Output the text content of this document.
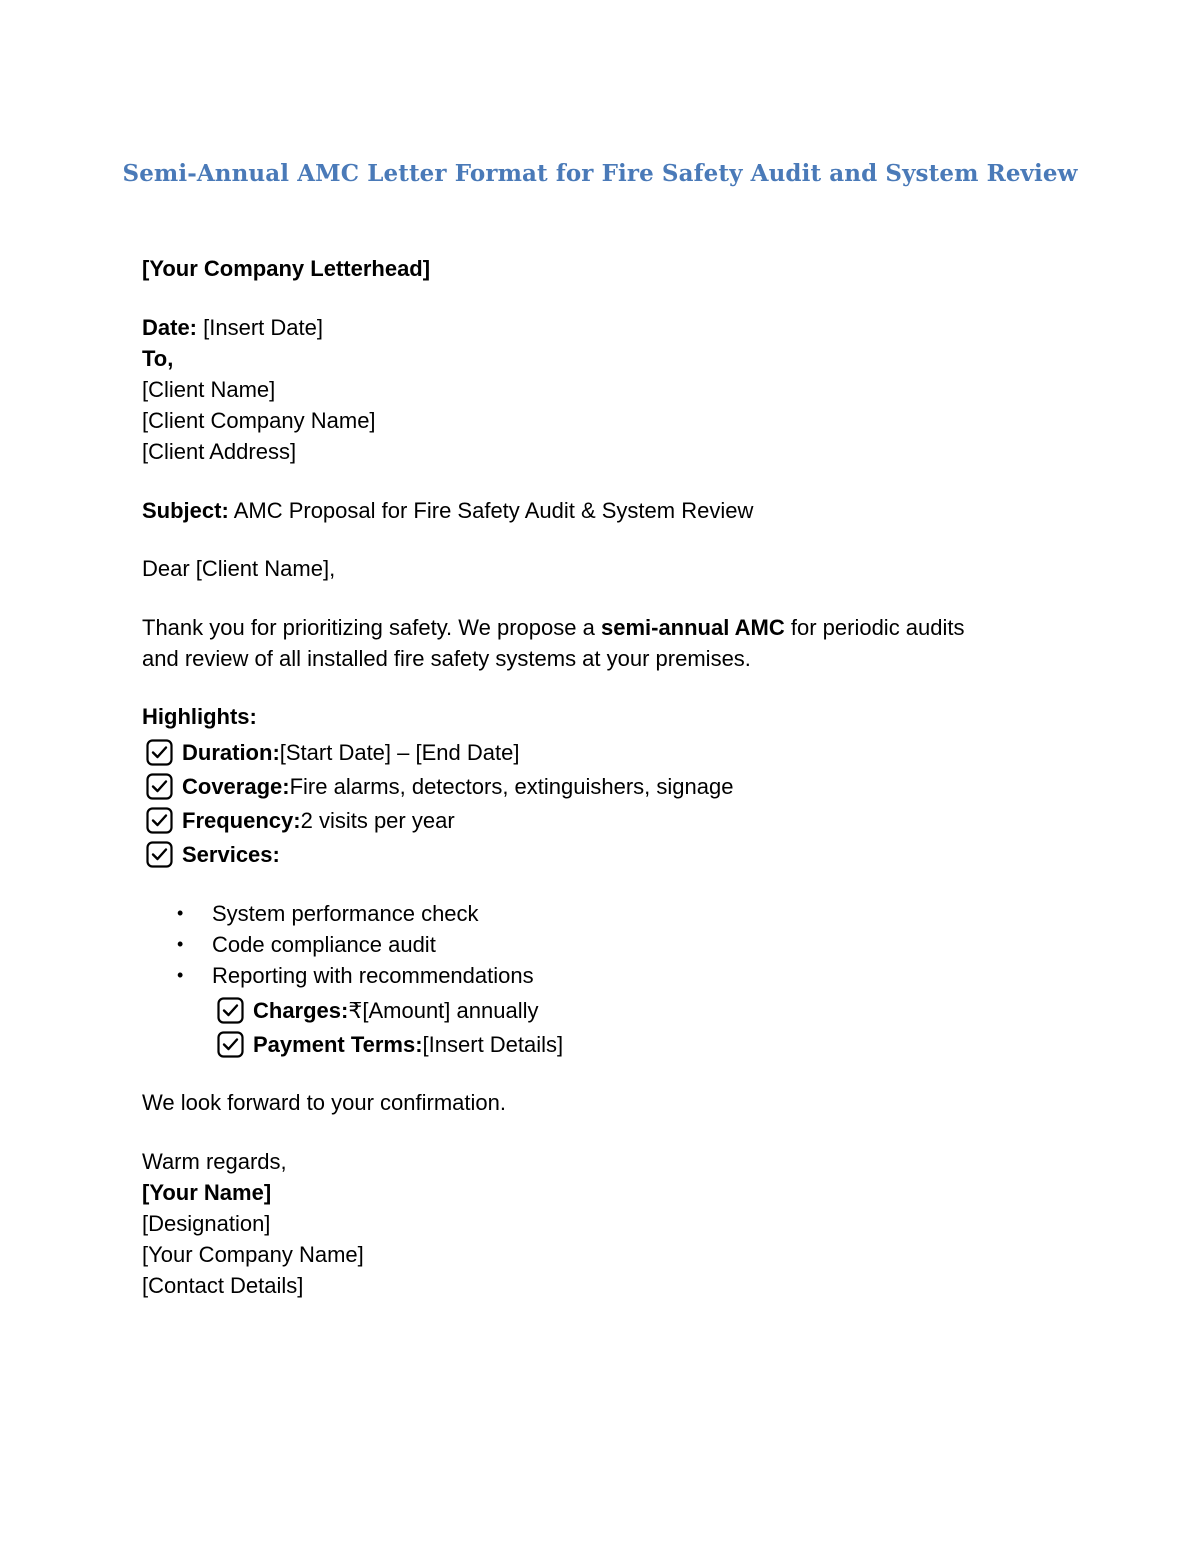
Semi-Annual AMC Letter Format for Fire Safety Audit and System Review
[Your Company Letterhead]
Date: [Insert Date]
To,
[Client Name]
[Client Company Name]
[Client Address]
Subject: AMC Proposal for Fire Safety Audit & System Review
Dear [Client Name],
Thank you for prioritizing safety. We propose a semi-annual AMC for periodic audits
and review of all installed fire safety systems at your premises.
Highlights:
Duration: [Start Date] – [End Date]
Coverage: Fire alarms, detectors, extinguishers, signage
Frequency: 2 visits per year
Services:
• System performance check
• Code compliance audit
• Reporting with recommendations
Charges: ₹[Amount] annually
Payment Terms: [Insert Details]
We look forward to your confirmation.
Warm regards,
[Your Name]
[Designation]
[Your Company Name]
[Contact Details]
